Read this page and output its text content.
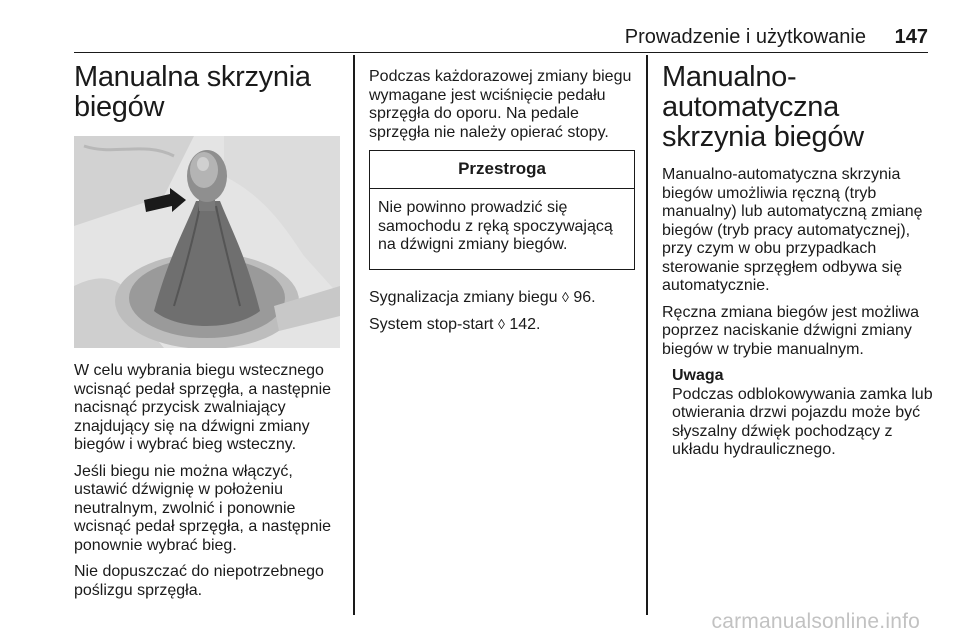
Prowadzenie i użytkowanie 147
Manualna skrzynia biegów

W celu wybrania biegu wstecznego wcisnąć pedał sprzęgła, a następnie nacisnąć przycisk zwalniający znajdujący się na dźwigni zmiany biegów i wybrać bieg wsteczny.

Jeśli biegu nie można włączyć, ustawić dźwignię w położeniu neutralnym, zwolnić i ponownie wcisnąć pedał sprzęgła, a następnie ponownie wybrać bieg.

Nie dopuszczać do niepotrzebnego poślizgu sprzęgła.

Podczas każdorazowej zmiany biegu wymagane jest wciśnięcie pedału sprzęgła do oporu. Na pedale sprzęgła nie należy opierać stopy.

Przestroga

Nie powinno prowadzić się samochodu z ręką spoczywającą na dźwigni zmiany biegów.

Sygnalizacja zmiany biegu ◊ 96.

System stop-start ◊ 142.

Manualno-automatyczna skrzynia biegów

Manualno-automatyczna skrzynia biegów umożliwia ręczną (tryb manualny) lub automatyczną zmianę biegów (tryb pracy automatycznej), przy czym w obu przypadkach sterowanie sprzęgłem odbywa się automatycznie.

Ręczna zmiana biegów jest możliwa poprzez naciskanie dźwigni zmiany biegów w trybie manualnym.

Uwaga

Podczas odblokowywania zamka lub otwierania drzwi pojazdu może być słyszalny dźwięk pochodzący z układu hydraulicznego.

carmanualsonline.info
